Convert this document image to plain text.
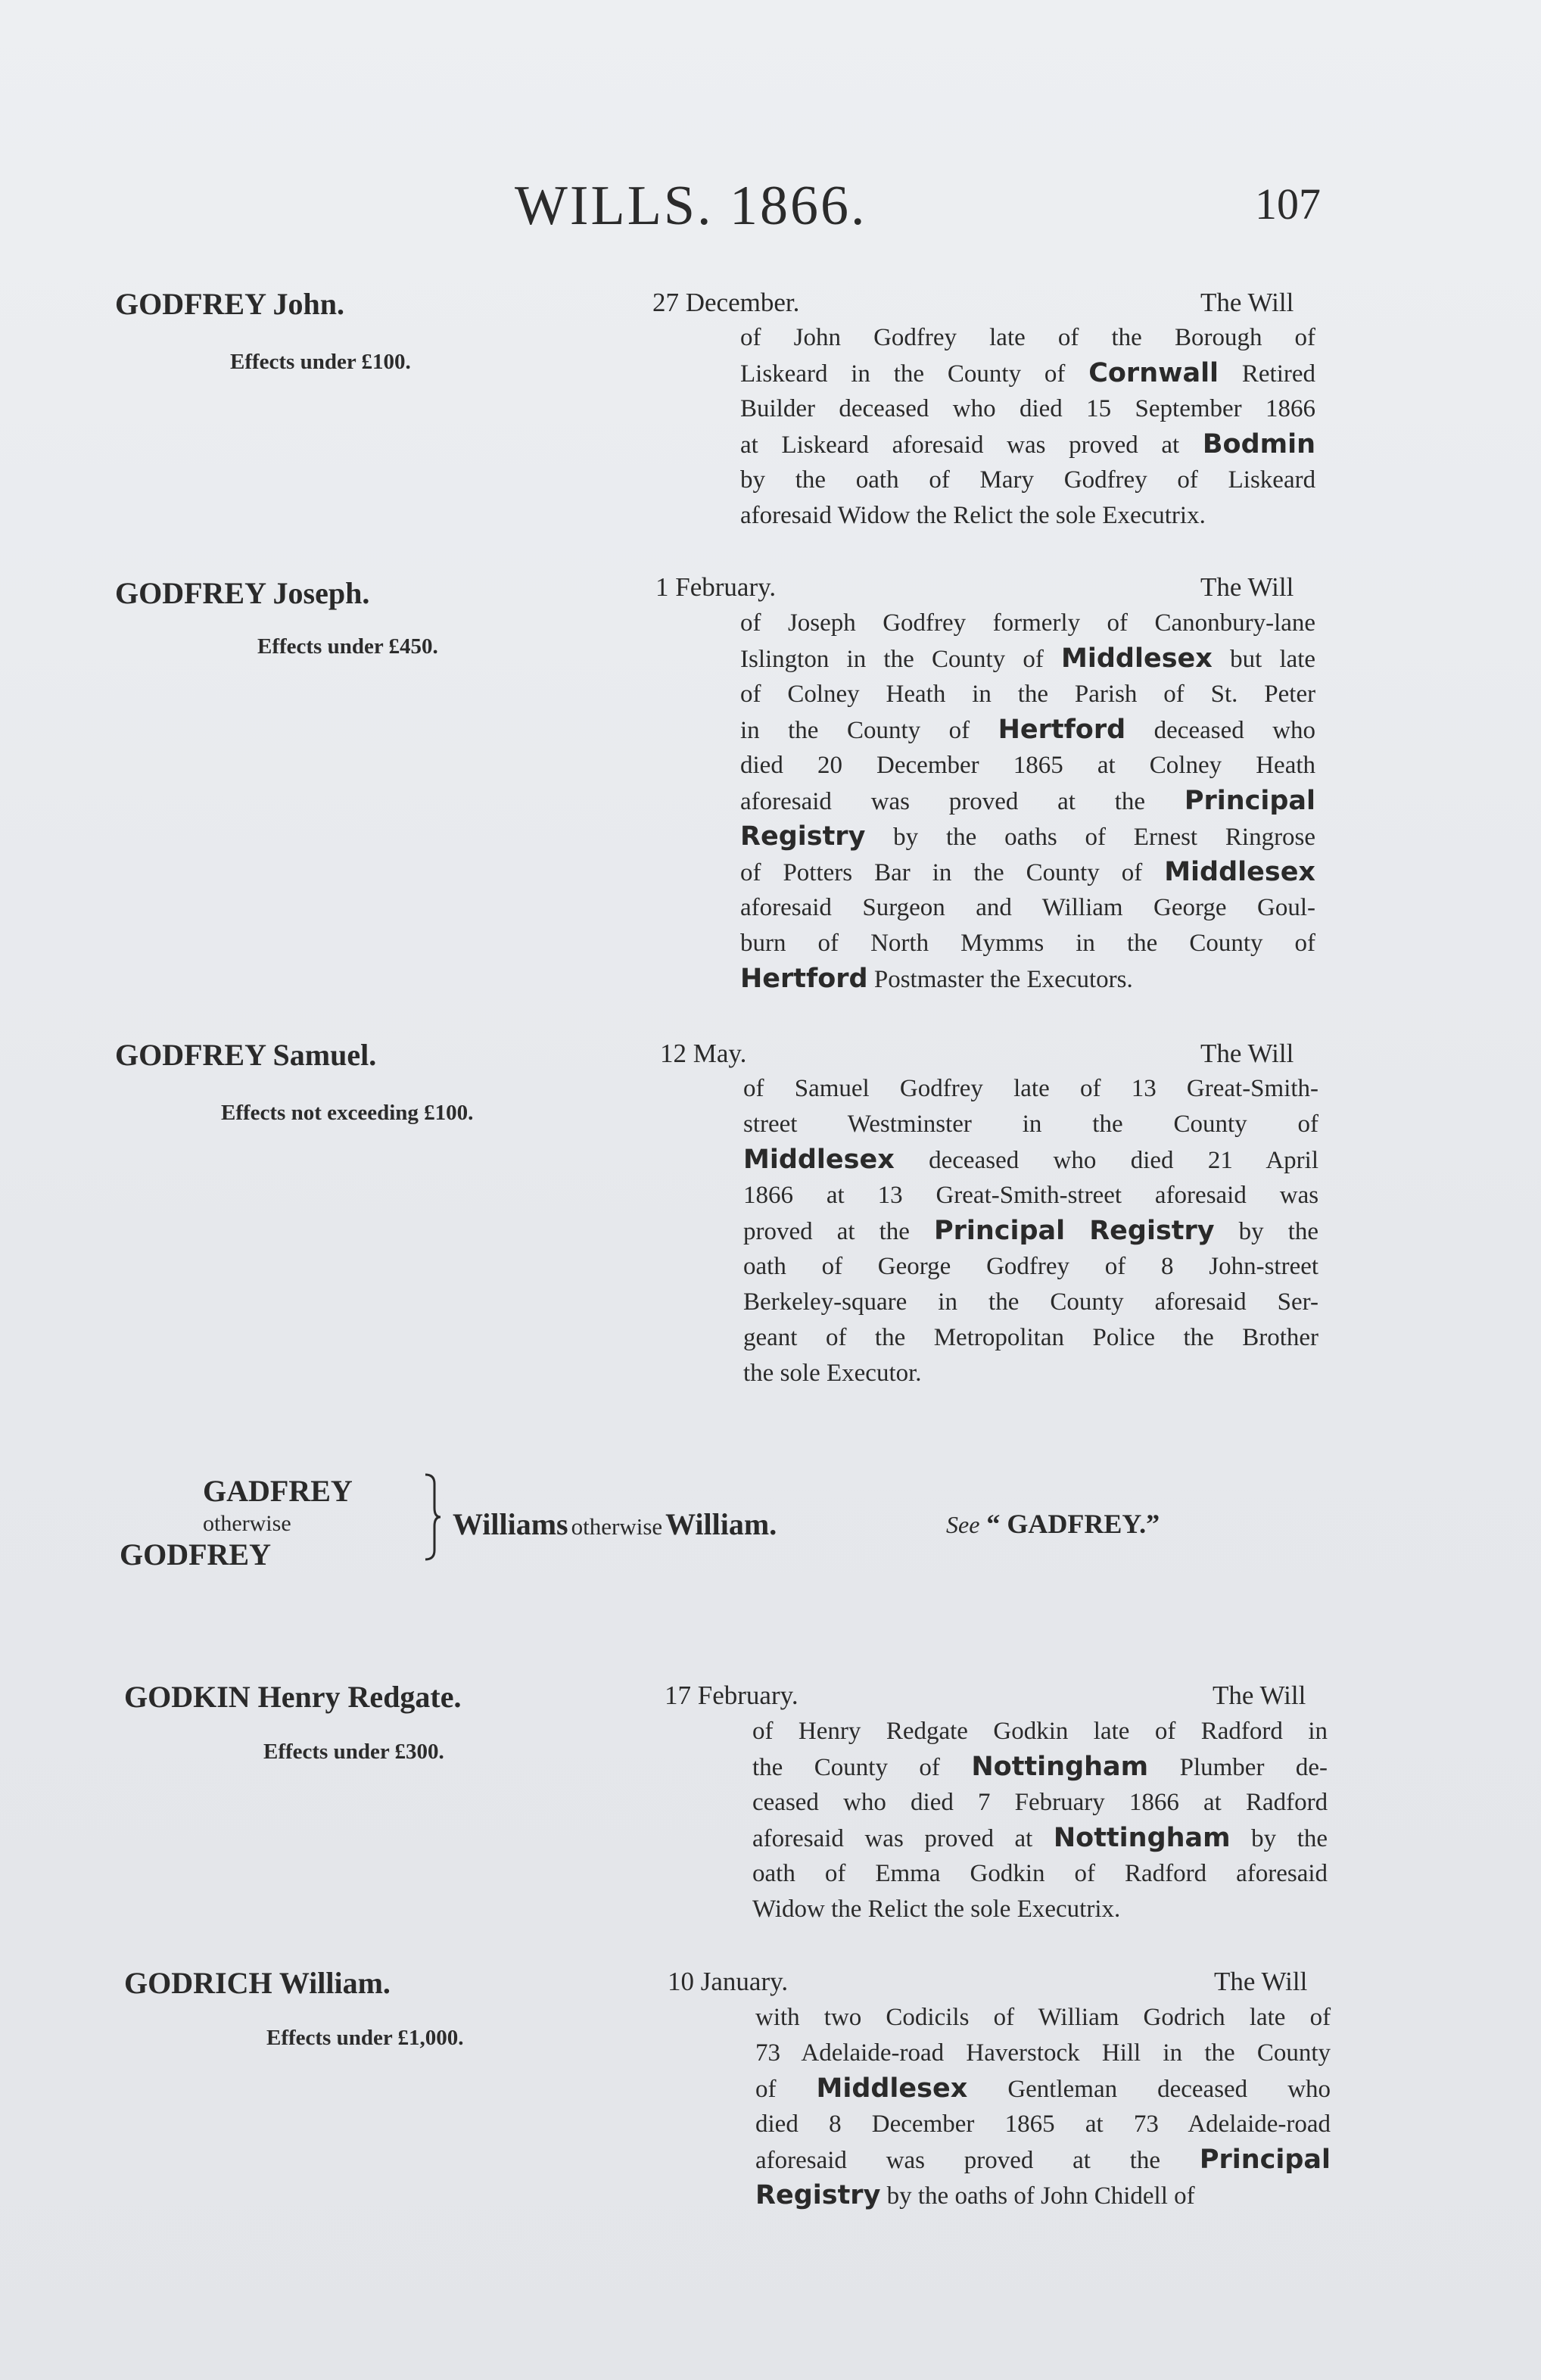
WILLS. 1866.	107
GODFREY John.
Effects under £100.
27 December.	The Will
of John Godfrey late of the Borough of
Liskeard in the County of Cornwall Retired
Builder deceased who died 15 September 1866
at Liskeard aforesaid was proved at Bodmin
by the oath of Mary Godfrey of Liskeard
aforesaid Widow the Relict the sole Executrix.
GODFREY Joseph.
Effects under £450.
1 February.	The Will
of Joseph Godfrey formerly of Canonbury-lane
Islington in the County of Middlesex but late
of Colney Heath in the Parish of St. Peter
in the County of Hertford deceased who
died 20 December 1865 at Colney Heath
aforesaid was proved at the Principal
Registry by the oaths of Ernest Ringrose
of Potters Bar in the County of Middlesex
aforesaid Surgeon and William George Goul-
burn of North Mymms in the County of
Hertford Postmaster the Executors.
GODFREY Samuel.
Effects not exceeding £100.
12 May.	The Will
of Samuel Godfrey late of 13 Great-Smith-
street Westminster in the County of
Middlesex deceased who died 21 April
1866 at 13 Great-Smith-street aforesaid was
proved at the Principal Registry by the
oath of George Godfrey of 8 John-street
Berkeley-square in the County aforesaid Ser-
geant of the Metropolitan Police the Brother
the sole Executor.
GADFREY
otherwise
GODFREY
Williams otherwise William.	See “ GADFREY.”
GODKIN Henry Redgate.
Effects under £300.
17 February.	The Will
of Henry Redgate Godkin late of Radford in
the County of Nottingham Plumber de-
ceased who died 7 February 1866 at Radford
aforesaid was proved at Nottingham by the
oath of Emma Godkin of Radford aforesaid
Widow the Relict the sole Executrix.
GODRICH William.
Effects under £1,000.
10 January.	The Will
with two Codicils of William Godrich late of
73 Adelaide-road Haverstock Hill in the County
of Middlesex Gentleman deceased who
died 8 December 1865 at 73 Adelaide-road
aforesaid was proved at the Principal
Registry by the oaths of John Chidell of
